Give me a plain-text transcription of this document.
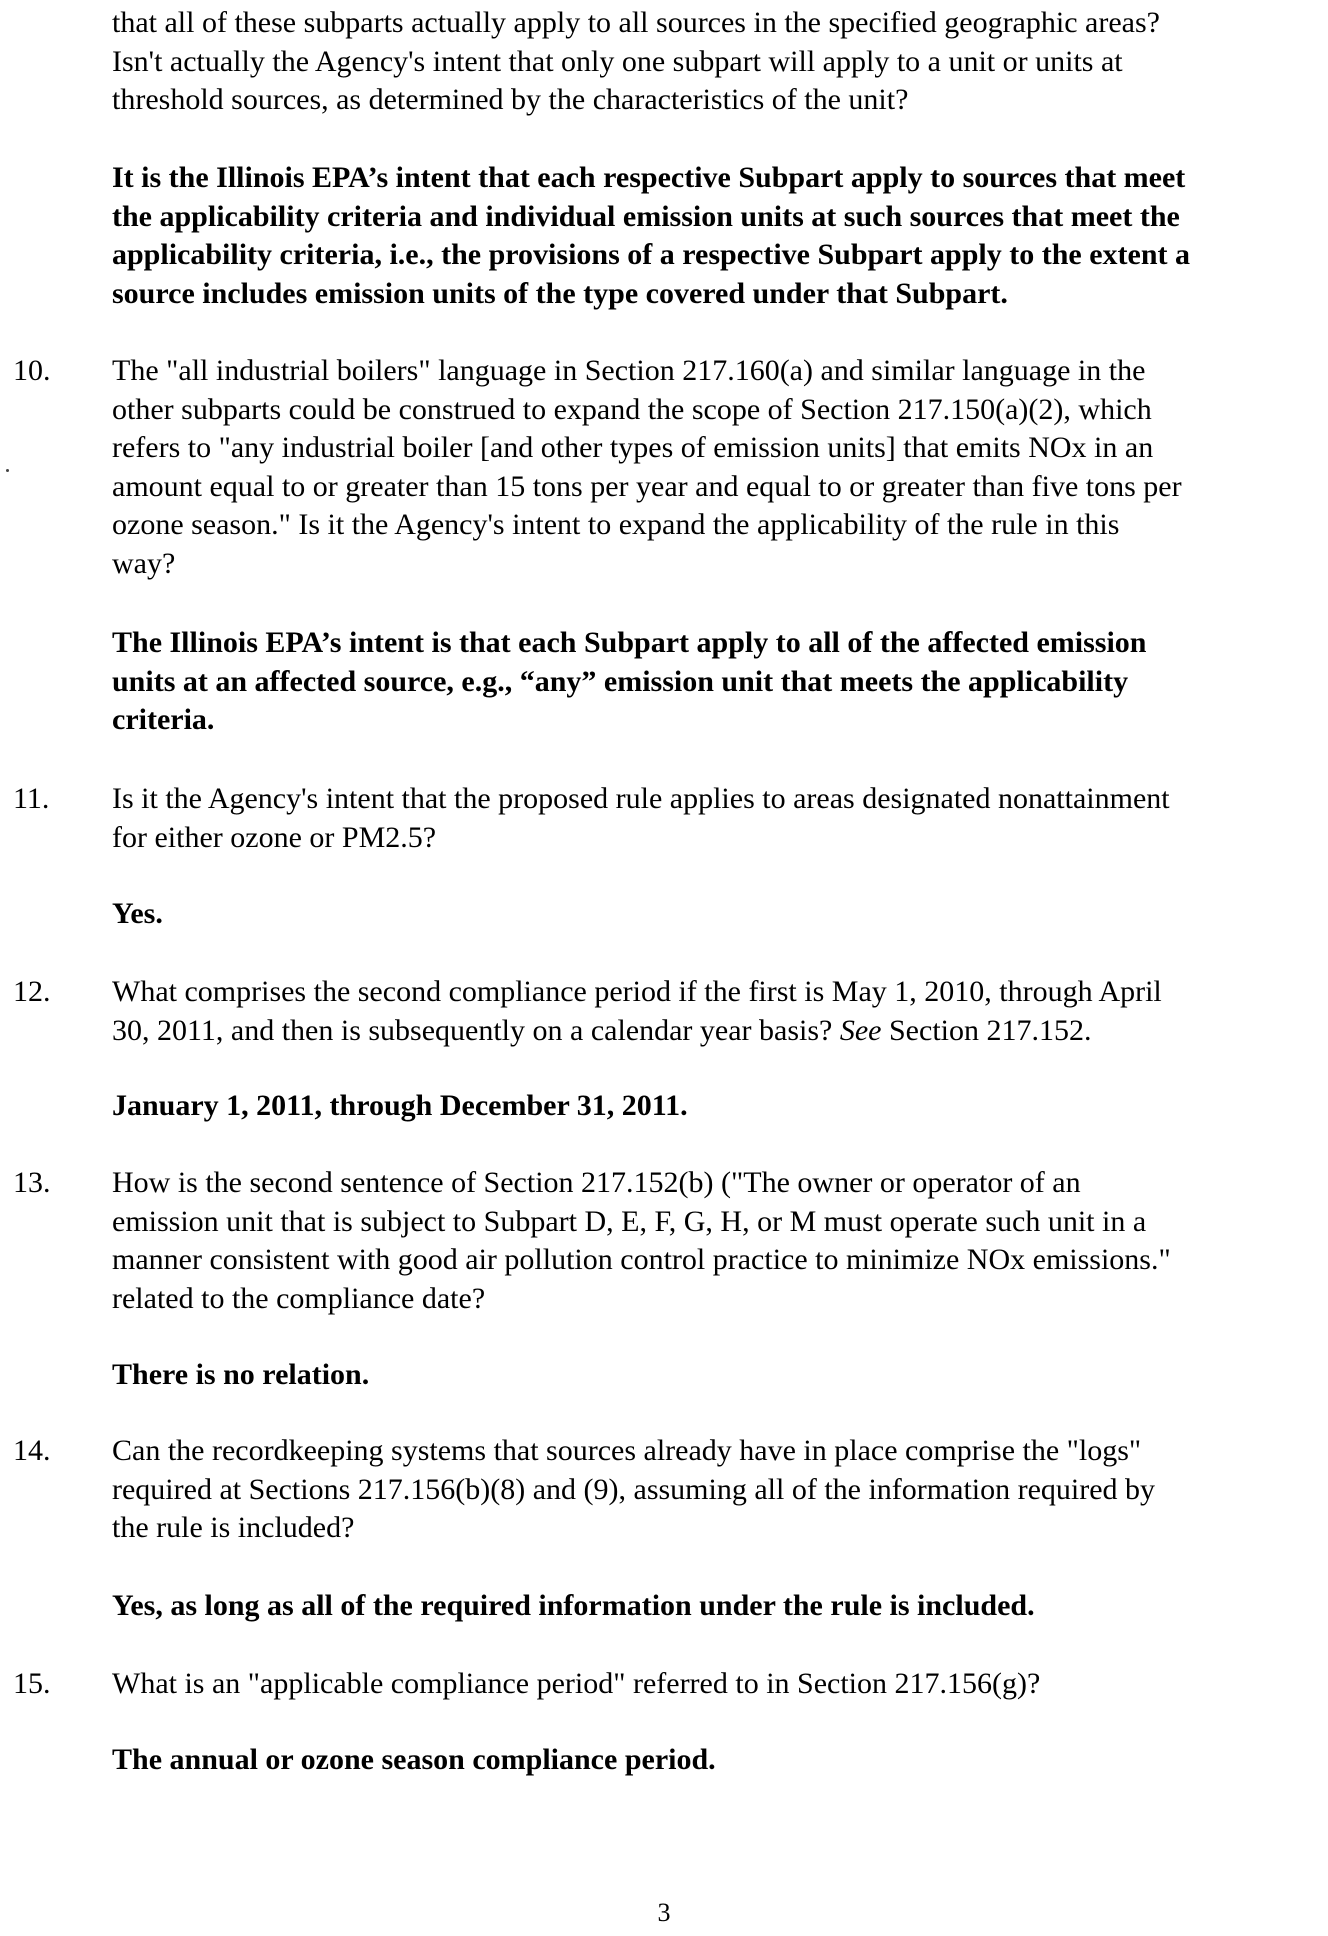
that all of these subparts actually apply to all sources in the specified geographic areas?
Isn't actually the Agency's intent that only one subpart will apply to a unit or units at
threshold sources, as determined by the characteristics of the unit?

It is the Illinois EPA’s intent that each respective Subpart apply to sources that meet
the applicability criteria and individual emission units at such sources that meet the
applicability criteria, i.e., the provisions of a respective Subpart apply to the extent a
source includes emission units of the type covered under that Subpart.

10. The "all industrial boilers" language in Section 217.160(a) and similar language in the
other subparts could be construed to expand the scope of Section 217.150(a)(2), which
refers to "any industrial boiler [and other types of emission units] that emits NOx in an
amount equal to or greater than 15 tons per year and equal to or greater than five tons per
ozone season." Is it the Agency's intent to expand the applicability of the rule in this
way?

The Illinois EPA’s intent is that each Subpart apply to all of the affected emission
units at an affected source, e.g., “any” emission unit that meets the applicability
criteria.

11. Is it the Agency's intent that the proposed rule applies to areas designated nonattainment
for either ozone or PM2.5?

Yes.

12. What comprises the second compliance period if the first is May 1, 2010, through April
30, 2011, and then is subsequently on a calendar year basis? See Section 217.152.

January 1, 2011, through December 31, 2011.

13. How is the second sentence of Section 217.152(b) ("The owner or operator of an
emission unit that is subject to Subpart D, E, F, G, H, or M must operate such unit in a
manner consistent with good air pollution control practice to minimize NOx emissions."
related to the compliance date?

There is no relation.

14. Can the recordkeeping systems that sources already have in place comprise the "logs"
required at Sections 217.156(b)(8) and (9), assuming all of the information required by
the rule is included?

Yes, as long as all of the required information under the rule is included.

15. What is an "applicable compliance period" referred to in Section 217.156(g)?

The annual or ozone season compliance period.

3
